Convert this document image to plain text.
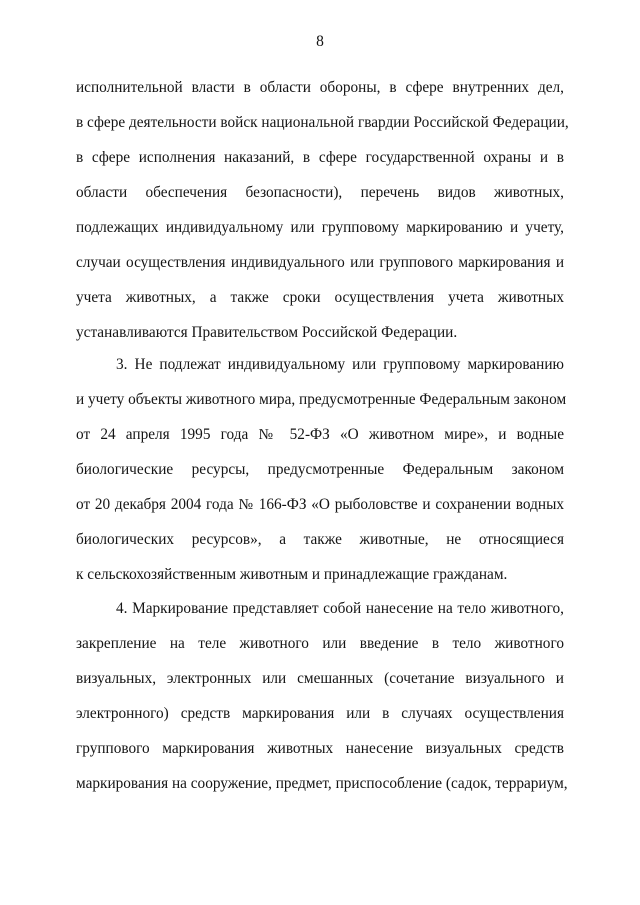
8
исполнительной власти в области обороны, в сфере внутренних дел,
в сфере деятельности войск национальной гвардии Российской Федерации,
в сфере исполнения наказаний, в сфере государственной охраны и в
области обеспечения безопасности), перечень видов животных,
подлежащих индивидуальному или групповому маркированию и учету,
случаи осуществления индивидуального или группового маркирования и
учета животных, а также сроки осуществления учета животных
устанавливаются Правительством Российской Федерации.
3. Не подлежат индивидуальному или групповому маркированию
и учету объекты животного мира, предусмотренные Федеральным законом
от 24 апреля 1995 года № 52-ФЗ «О животном мире», и водные
биологические ресурсы, предусмотренные Федеральным законом
от 20 декабря 2004 года № 166-ФЗ «О рыболовстве и сохранении водных
биологических ресурсов», а также животные, не относящиеся
к сельскохозяйственным животным и принадлежащие гражданам.
4. Маркирование представляет собой нанесение на тело животного,
закрепление на теле животного или введение в тело животного
визуальных, электронных или смешанных (сочетание визуального и
электронного) средств маркирования или в случаях осуществления
группового маркирования животных нанесение визуальных средств
маркирования на сооружение, предмет, приспособление (садок, террариум,
